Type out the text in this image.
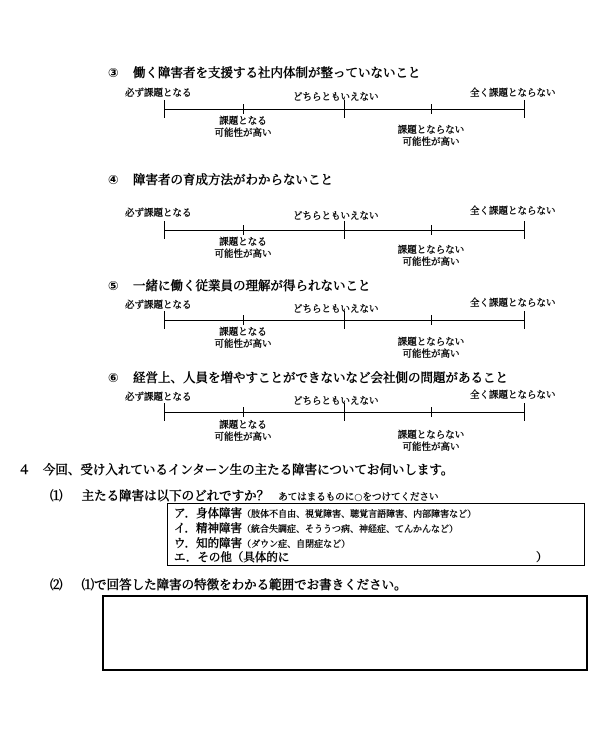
③ 働く障害者を支援する社内体制が整っていないこと
必ず課題となる	どちらともいえない	全く課題とならない
課題となる
可能性が高い	課題とならない
可能性が高い
④ 障害者の育成方法がわからないこと
必ず課題となる	どちらともいえない	全く課題とならない
課題となる
可能性が高い	課題とならない
可能性が高い
⑤ 一緒に働く従業員の理解が得られないこと
必ず課題となる	どちらともいえない
全く課題とならない
課題となる
可能性が高い	課題とならない
可能性が高い
⑥ 経営上、人員を増やすことができないなど会社側の問題があること
必ず課題となる	どちらともいえない
全く課題とならない
課題となる
可能性が高い	課題とならない
可能性が高い
４ 今回、受け入れているインターン生の主たる障害についてお伺いします。
⑴ 主たる障害は以下のどれですか？ あてはまるものに○をつけてください
ア．身体障害（肢体不自由、視覚障害、聴覚言語障害、内部障害など）
イ．精神障害（統合失調症、そううつ病、神経症、てんかんなど）
ウ．知的障害（ダウン症、自閉症など）
エ．その他（具体的に	）
⑵ ⑴で回答した障害の特徴をわかる範囲でお書きください。
